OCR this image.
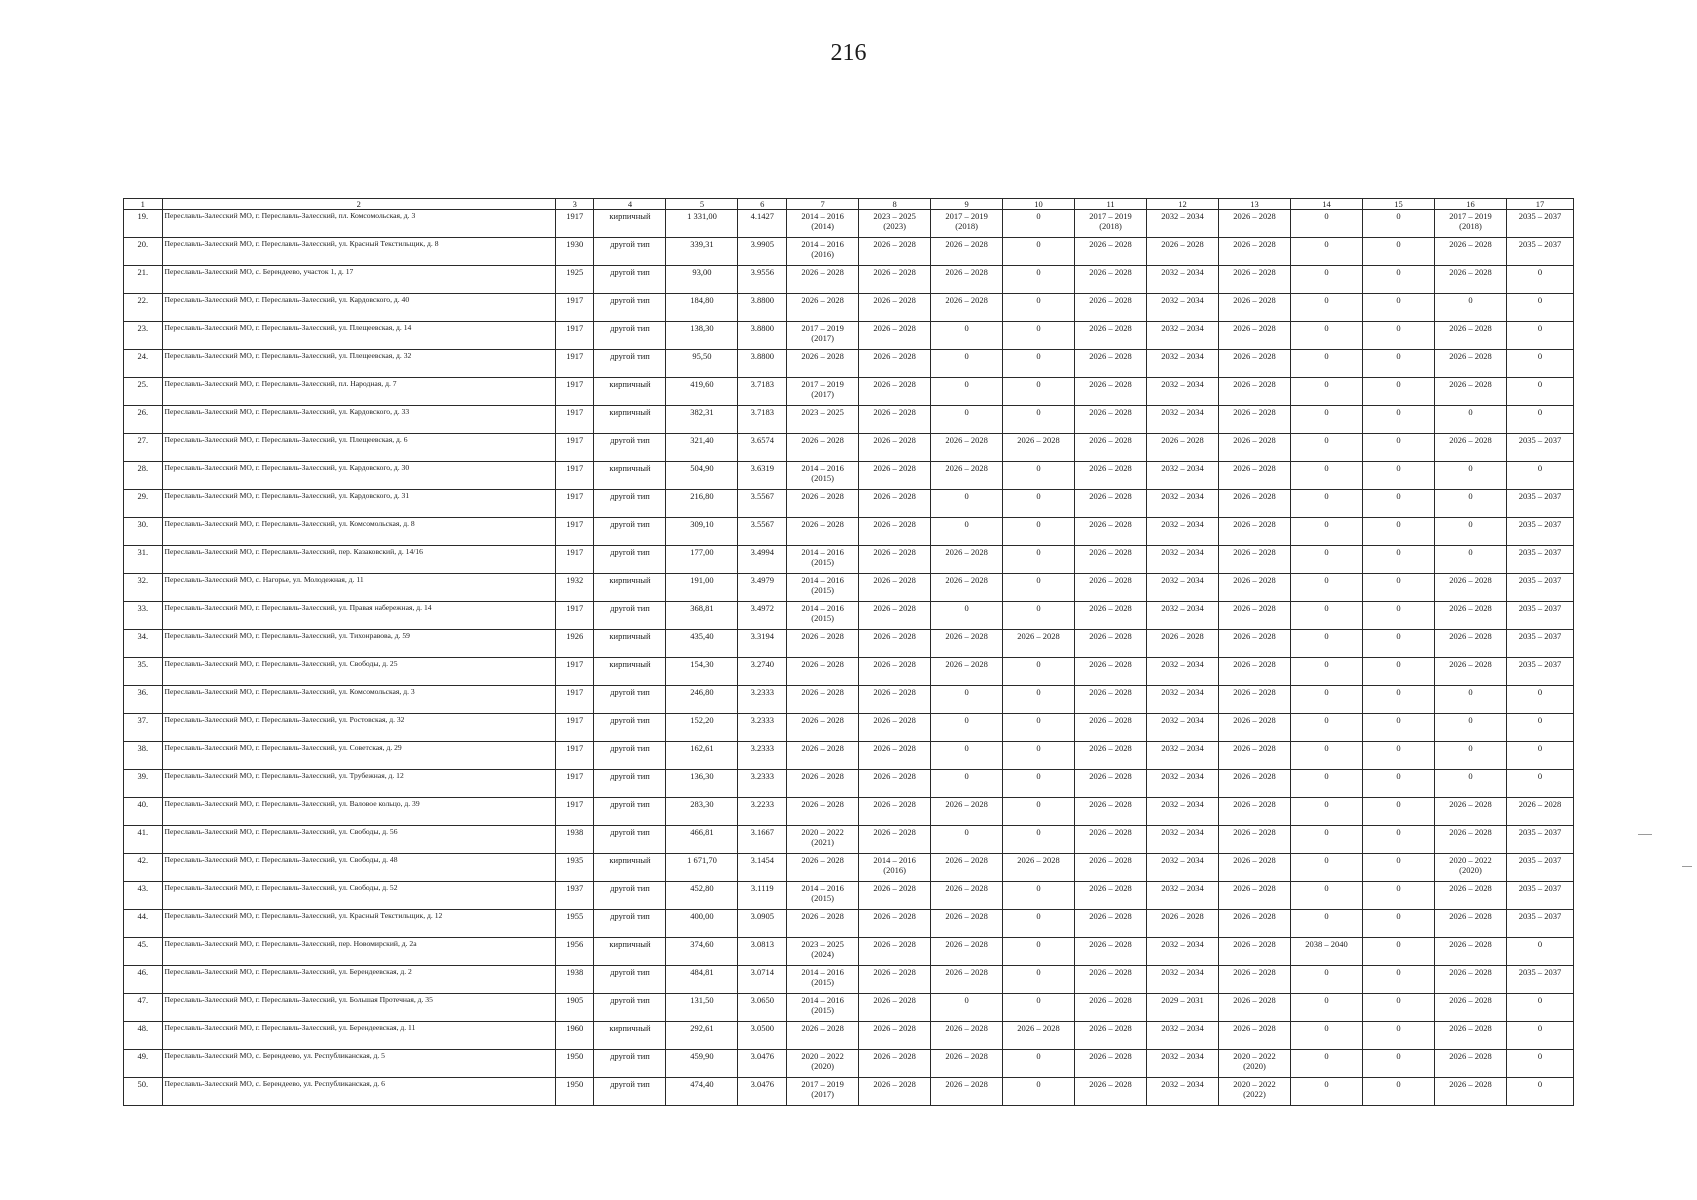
216
1	2	3	4	5	6	7	8	9	10	11	12	13	14	15	16	17
19.	Переславль-Залесский МО, г. Переславль-Залесский, пл. Комсомольская, д. 3	1917	кирпичный	1 331,00	4.1427	2014 – 2016 (2014)	2023 – 2025 (2023)	2017 – 2019 (2018)	0	2017 – 2019 (2018)	2032 – 2034	2026 – 2028	0	0	2017 – 2019 (2018)	2035 – 2037
20.	Переславль-Залесский МО, г. Переславль-Залесский, ул. Красный Текстильщик, д. 8	1930	другой тип	339,31	3.9905	2014 – 2016 (2016)	2026 – 2028	2026 – 2028	0	2026 – 2028	2026 – 2028	2026 – 2028	0	0	2026 – 2028	2035 – 2037
21.	Переславль-Залесский МО, с. Берендеево, участок 1, д. 17	1925	другой тип	93,00	3.9556	2026 – 2028	2026 – 2028	2026 – 2028	0	2026 – 2028	2032 – 2034	2026 – 2028	0	0	2026 – 2028	0
22.	Переславль-Залесский МО, г. Переславль-Залесский, ул. Кардовского, д. 40	1917	другой тип	184,80	3.8800	2026 – 2028	2026 – 2028	2026 – 2028	0	2026 – 2028	2032 – 2034	2026 – 2028	0	0	0	0
23.	Переславль-Залесский МО, г. Переславль-Залесский, ул. Плещеевская, д. 14	1917	другой тип	138,30	3.8800	2017 – 2019 (2017)	2026 – 2028	0	0	2026 – 2028	2032 – 2034	2026 – 2028	0	0	2026 – 2028	0
24.	Переславль-Залесский МО, г. Переславль-Залесский, ул. Плещеевская, д. 32	1917	другой тип	95,50	3.8800	2026 – 2028	2026 – 2028	0	0	2026 – 2028	2032 – 2034	2026 – 2028	0	0	2026 – 2028	0
25.	Переславль-Залесский МО, г. Переславль-Залесский, пл. Народная, д. 7	1917	кирпичный	419,60	3.7183	2017 – 2019 (2017)	2026 – 2028	0	0	2026 – 2028	2032 – 2034	2026 – 2028	0	0	2026 – 2028	0
26.	Переславль-Залесский МО, г. Переславль-Залесский, ул. Кардовского, д. 33	1917	кирпичный	382,31	3.7183	2023 – 2025	2026 – 2028	0	0	2026 – 2028	2032 – 2034	2026 – 2028	0	0	0	0
27.	Переславль-Залесский МО, г. Переславль-Залесский, ул. Плещеевская, д. 6	1917	другой тип	321,40	3.6574	2026 – 2028	2026 – 2028	2026 – 2028	2026 – 2028	2026 – 2028	2026 – 2028	2026 – 2028	0	0	2026 – 2028	2035 – 2037
28.	Переславль-Залесский МО, г. Переславль-Залесский, ул. Кардовского, д. 30	1917	кирпичный	504,90	3.6319	2014 – 2016 (2015)	2026 – 2028	2026 – 2028	0	2026 – 2028	2032 – 2034	2026 – 2028	0	0	0	0
29.	Переславль-Залесский МО, г. Переславль-Залесский, ул. Кардовского, д. 31	1917	другой тип	216,80	3.5567	2026 – 2028	2026 – 2028	0	0	2026 – 2028	2032 – 2034	2026 – 2028	0	0	0	2035 – 2037
30.	Переславль-Залесский МО, г. Переславль-Залесский, ул. Комсомольская, д. 8	1917	другой тип	309,10	3.5567	2026 – 2028	2026 – 2028	0	0	2026 – 2028	2032 – 2034	2026 – 2028	0	0	0	2035 – 2037
31.	Переславль-Залесский МО, г. Переславль-Залесский, пер. Казаковский, д. 14/16	1917	другой тип	177,00	3.4994	2014 – 2016 (2015)	2026 – 2028	2026 – 2028	0	2026 – 2028	2032 – 2034	2026 – 2028	0	0	0	2035 – 2037
32.	Переславль-Залесский МО, с. Нагорье, ул. Молодежная, д. 11	1932	кирпичный	191,00	3.4979	2014 – 2016 (2015)	2026 – 2028	2026 – 2028	0	2026 – 2028	2032 – 2034	2026 – 2028	0	0	2026 – 2028	2035 – 2037
33.	Переславль-Залесский МО, г. Переславль-Залесский, ул. Правая набережная, д. 14	1917	другой тип	368,81	3.4972	2014 – 2016 (2015)	2026 – 2028	0	0	2026 – 2028	2032 – 2034	2026 – 2028	0	0	2026 – 2028	2035 – 2037
34.	Переславль-Залесский МО, г. Переславль-Залесский, ул. Тихонравова, д. 59	1926	кирпичный	435,40	3.3194	2026 – 2028	2026 – 2028	2026 – 2028	2026 – 2028	2026 – 2028	2026 – 2028	2026 – 2028	0	0	2026 – 2028	2035 – 2037
35.	Переславль-Залесский МО, г. Переславль-Залесский, ул. Свободы, д. 25	1917	кирпичный	154,30	3.2740	2026 – 2028	2026 – 2028	2026 – 2028	0	2026 – 2028	2032 – 2034	2026 – 2028	0	0	2026 – 2028	2035 – 2037
36.	Переславль-Залесский МО, г. Переславль-Залесский, ул. Комсомольская, д. 3	1917	другой тип	246,80	3.2333	2026 – 2028	2026 – 2028	0	0	2026 – 2028	2032 – 2034	2026 – 2028	0	0	0	0
37.	Переславль-Залесский МО, г. Переславль-Залесский, ул. Ростовская, д. 32	1917	другой тип	152,20	3.2333	2026 – 2028	2026 – 2028	0	0	2026 – 2028	2032 – 2034	2026 – 2028	0	0	0	0
38.	Переславль-Залесский МО, г. Переславль-Залесский, ул. Советская, д. 29	1917	другой тип	162,61	3.2333	2026 – 2028	2026 – 2028	0	0	2026 – 2028	2032 – 2034	2026 – 2028	0	0	0	0
39.	Переславль-Залесский МО, г. Переславль-Залесский, ул. Трубежная, д. 12	1917	другой тип	136,30	3.2333	2026 – 2028	2026 – 2028	0	0	2026 – 2028	2032 – 2034	2026 – 2028	0	0	0	0
40.	Переславль-Залесский МО, г. Переславль-Залесский, ул. Валовое кольцо, д. 39	1917	другой тип	283,30	3.2233	2026 – 2028	2026 – 2028	2026 – 2028	0	2026 – 2028	2032 – 2034	2026 – 2028	0	0	2026 – 2028	2026 – 2028
41.	Переславль-Залесский МО, г. Переславль-Залесский, ул. Свободы, д. 56	1938	другой тип	466,81	3.1667	2020 – 2022 (2021)	2026 – 2028	0	0	2026 – 2028	2032 – 2034	2026 – 2028	0	0	2026 – 2028	2035 – 2037
42.	Переславль-Залесский МО, г. Переславль-Залесский, ул. Свободы, д. 48	1935	кирпичный	1 671,70	3.1454	2026 – 2028	2014 – 2016 (2016)	2026 – 2028	2026 – 2028	2026 – 2028	2032 – 2034	2026 – 2028	0	0	2020 – 2022 (2020)	2035 – 2037
43.	Переславль-Залесский МО, г. Переславль-Залесский, ул. Свободы, д. 52	1937	другой тип	452,80	3.1119	2014 – 2016 (2015)	2026 – 2028	2026 – 2028	0	2026 – 2028	2032 – 2034	2026 – 2028	0	0	2026 – 2028	2035 – 2037
44.	Переславль-Залесский МО, г. Переславль-Залесский, ул. Красный Текстильщик, д. 12	1955	другой тип	400,00	3.0905	2026 – 2028	2026 – 2028	2026 – 2028	0	2026 – 2028	2026 – 2028	2026 – 2028	0	0	2026 – 2028	2035 – 2037
45.	Переславль-Залесский МО, г. Переславль-Залесский, пер. Новомирский, д. 2а	1956	кирпичный	374,60	3.0813	2023 – 2025 (2024)	2026 – 2028	2026 – 2028	0	2026 – 2028	2032 – 2034	2026 – 2028	2038 – 2040	0	2026 – 2028	0
46.	Переславль-Залесский МО, г. Переславль-Залесский, ул. Берендеевская, д. 2	1938	другой тип	484,81	3.0714	2014 – 2016 (2015)	2026 – 2028	2026 – 2028	0	2026 – 2028	2032 – 2034	2026 – 2028	0	0	2026 – 2028	2035 – 2037
47.	Переславль-Залесский МО, г. Переславль-Залесский, ул. Большая Протечная, д. 35	1905	другой тип	131,50	3.0650	2014 – 2016 (2015)	2026 – 2028	0	0	2026 – 2028	2029 – 2031	2026 – 2028	0	0	2026 – 2028	0
48.	Переславль-Залесский МО, г. Переславль-Залесский, ул. Берендеевская, д. 11	1960	кирпичный	292,61	3.0500	2026 – 2028	2026 – 2028	2026 – 2028	2026 – 2028	2026 – 2028	2032 – 2034	2026 – 2028	0	0	2026 – 2028	0
49.	Переславль-Залесский МО, с. Берендеево, ул. Республиканская, д. 5	1950	другой тип	459,90	3.0476	2020 – 2022 (2020)	2026 – 2028	2026 – 2028	0	2026 – 2028	2032 – 2034	2020 – 2022 (2020)	0	0	2026 – 2028	0
50.	Переславль-Залесский МО, с. Берендеево, ул. Республиканская, д. 6	1950	другой тип	474,40	3.0476	2017 – 2019 (2017)	2026 – 2028	2026 – 2028	0	2026 – 2028	2032 – 2034	2020 – 2022 (2022)	0	0	2026 – 2028	0
